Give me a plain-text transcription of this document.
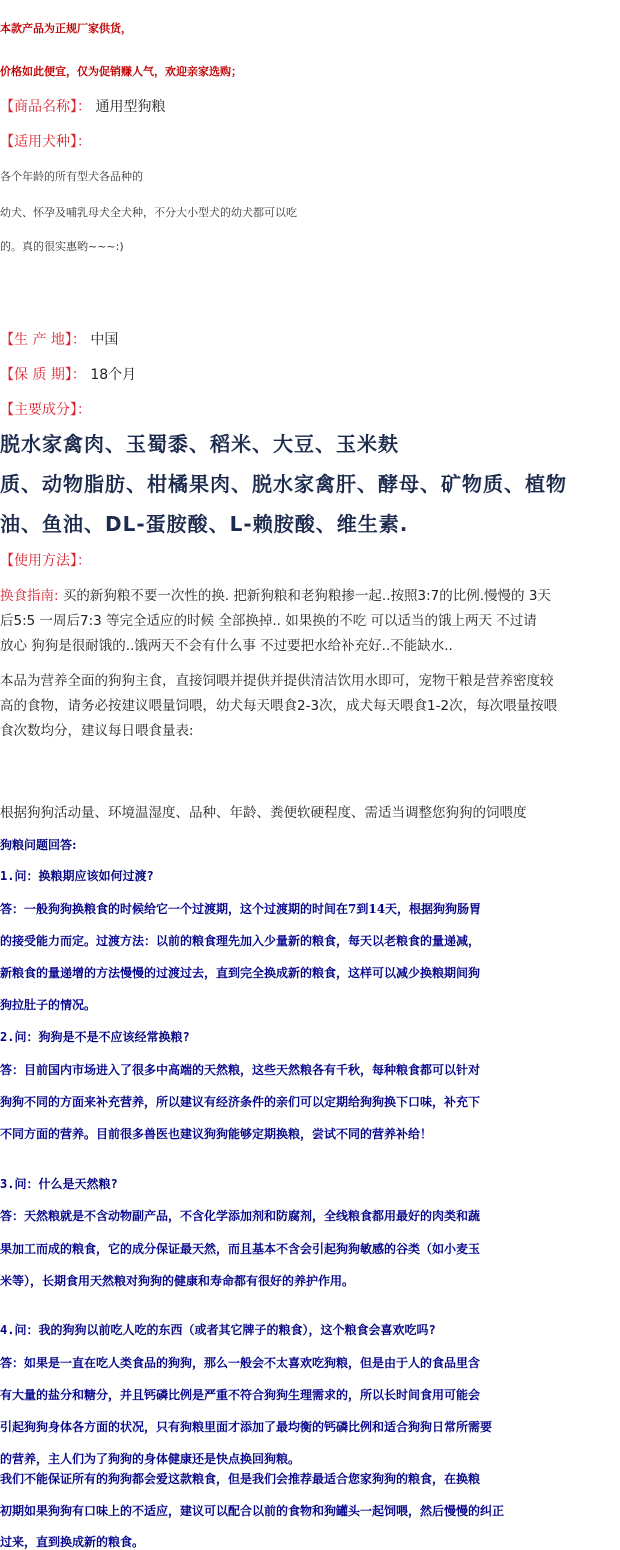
本款产品为正规厂家供货，
价格如此便宜，仅为促销赚人气，欢迎亲家选购；
【商品名称】： 通用型狗粮
【适用犬种】：
各个年龄的所有型犬各品种的
幼犬、怀孕及哺乳母犬全犬种，不分大小型犬的幼犬都可以吃
的。真的很实惠哟~~~:)
【生 产 地】： 中国
【保 质 期】： 18个月
【主要成分】：
脱水家禽肉、玉蜀黍、稻米、大豆、玉米麸
质、动物脂肪、柑橘果肉、脱水家禽肝、酵母、矿物质、植物
油、鱼油、DL-蛋胺酸、L-赖胺酸、维生素.
【使用方法】：
换食指南: 买的新狗粮不要一次性的换. 把新狗粮和老狗粮掺一起..按照3:7的比例.慢慢的 3天
后5:5 一周后7:3 等完全适应的时候 全部换掉.. 如果换的不吃 可以适当的饿上两天 不过请
放心 狗狗是很耐饿的..饿两天不会有什么事 不过要把水给补充好..不能缺水..
本品为营养全面的狗狗主食，直接饲喂并提供并提供清洁饮用水即可，宠物干粮是营养密度较
高的食物，请务必按建议喂量饲喂，幼犬每天喂食2-3次，成犬每天喂食1-2次，每次喂量按喂
食次数均分，建议每日喂食量表:
根据狗狗活动量、环境温湿度、品种、年龄、粪便软硬程度、需适当调整您狗狗的饲喂度
狗粮问题回答:
1.问：换粮期应该如何过渡?
答：一般狗狗换粮食的时候给它一个过渡期，这个过渡期的时间在7到14天，根据狗狗肠胃
的接受能力而定。过渡方法：以前的粮食理先加入少量新的粮食，每天以老粮食的量递减，
新粮食的量递增的方法慢慢的过渡过去，直到完全换成新的粮食，这样可以减少换粮期间狗
狗拉肚子的情况。
2.问：狗狗是不是不应该经常换粮?
答：目前国内市场进入了很多中高端的天然粮，这些天然粮各有千秋，每种粮食都可以针对
狗狗不同的方面来补充营养，所以建议有经济条件的亲们可以定期给狗狗换下口味，补充下
不同方面的营养。目前很多兽医也建议狗狗能够定期换粮，尝试不同的营养补给！
3.问：什么是天然粮?
答：天然粮就是不含动物副产品，不含化学添加剂和防腐剂，全线粮食都用最好的肉类和蔬
果加工而成的粮食，它的成分保证最天然，而且基本不含会引起狗狗敏感的谷类（如小麦玉
米等），长期食用天然粮对狗狗的健康和寿命都有很好的养护作用。
4.问：我的狗狗以前吃人吃的东西（或者其它牌子的粮食），这个粮食会喜欢吃吗?
答：如果是一直在吃人类食品的狗狗，那么一般会不太喜欢吃狗粮，但是由于人的食品里含
有大量的盐分和糖分，并且钙磷比例是严重不符合狗狗生理需求的，所以长时间食用可能会
引起狗狗身体各方面的状况，只有狗粮里面才添加了最均衡的钙磷比例和适合狗狗日常所需要
的营养，主人们为了狗狗的身体健康还是快点换回狗粮。
我们不能保证所有的狗狗都会爱这款粮食，但是我们会推荐最适合您家狗狗的粮食，在换粮
初期如果狗狗有口味上的不适应，建议可以配合以前的食物和狗罐头一起饲喂，然后慢慢的纠正
过来，直到换成新的粮食。
